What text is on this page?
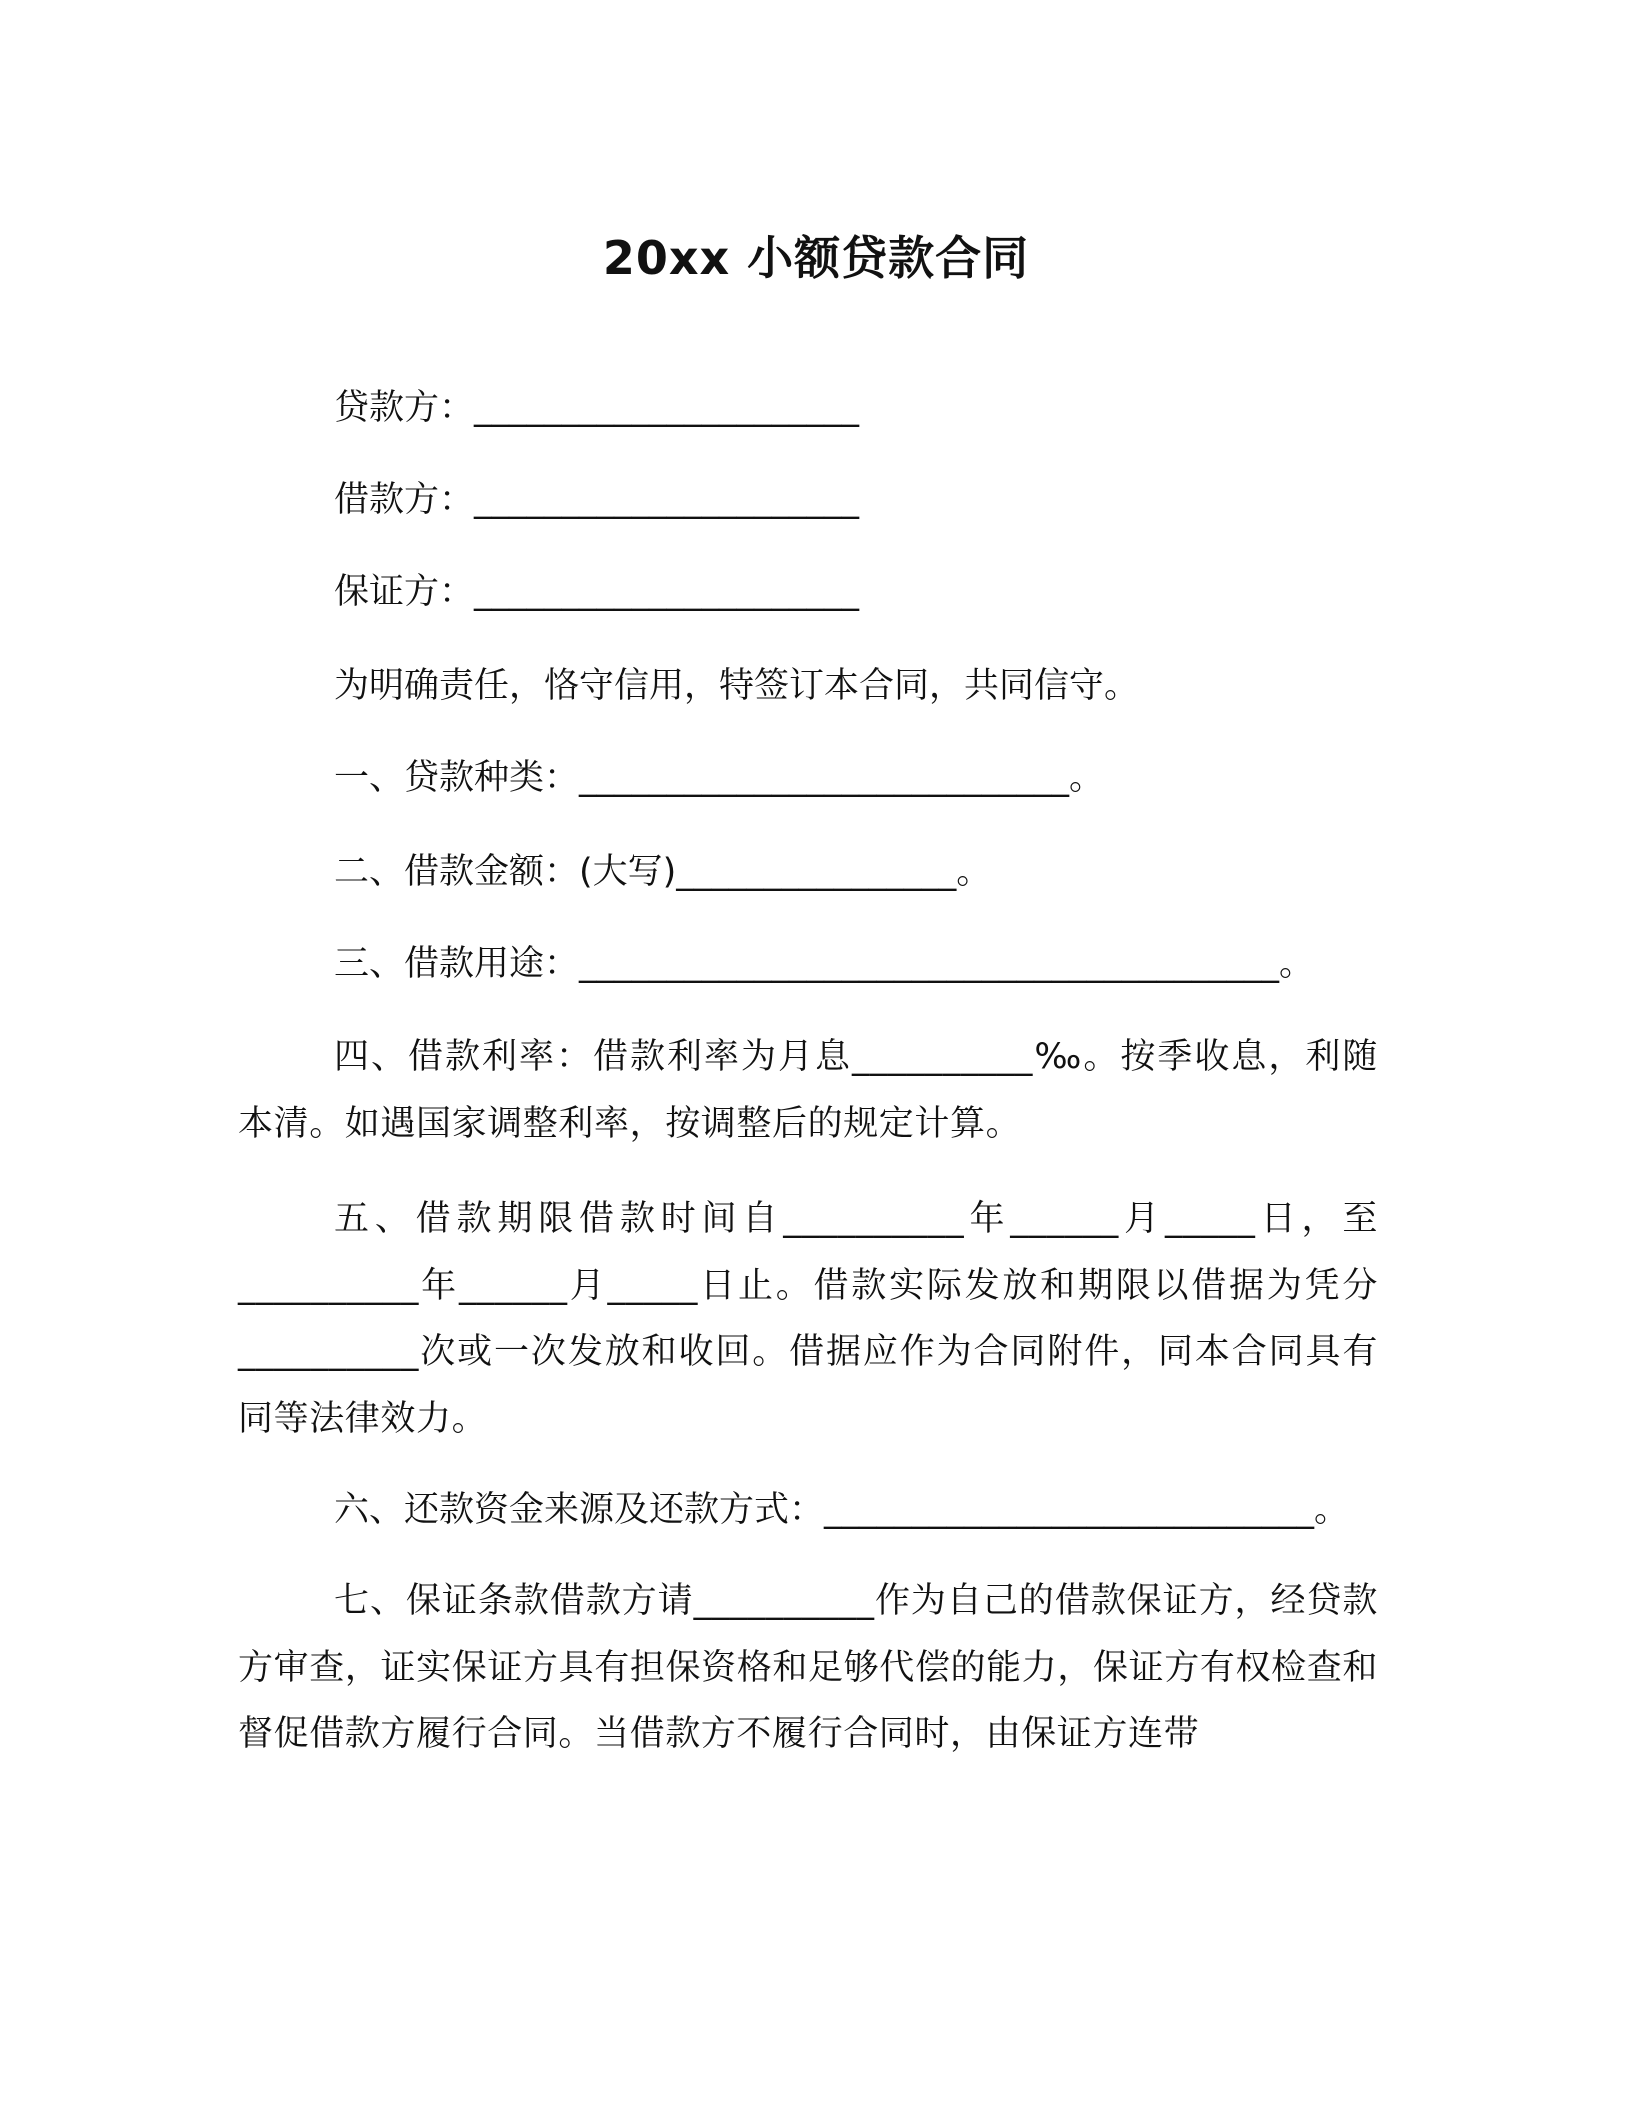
20xx 小额贷款合同
贷款方：______________________
借款方：______________________
保证方：______________________
为明确责任，恪守信用，特签订本合同，共同信守。
一、贷款种类：____________________________。
二、借款金额：(大写)________________。
三、借款用途：________________________________________。
四、借款利率：借款利率为月息__________‰。按季收息，利随本清。如遇国家调整利率，按调整后的规定计算。
五、借款期限借款时间自__________年______月_____日，至__________年______月_____日止。借款实际发放和期限以借据为凭分__________次或一次发放和收回。借据应作为合同附件，同本合同具有同等法律效力。
六、还款资金来源及还款方式：____________________________。
七、保证条款借款方请__________作为自己的借款保证方，经贷款方审查，证实保证方具有担保资格和足够代偿的能力，保证方有权检查和督促借款方履行合同。当借款方不履行合同时，由保证方连带
